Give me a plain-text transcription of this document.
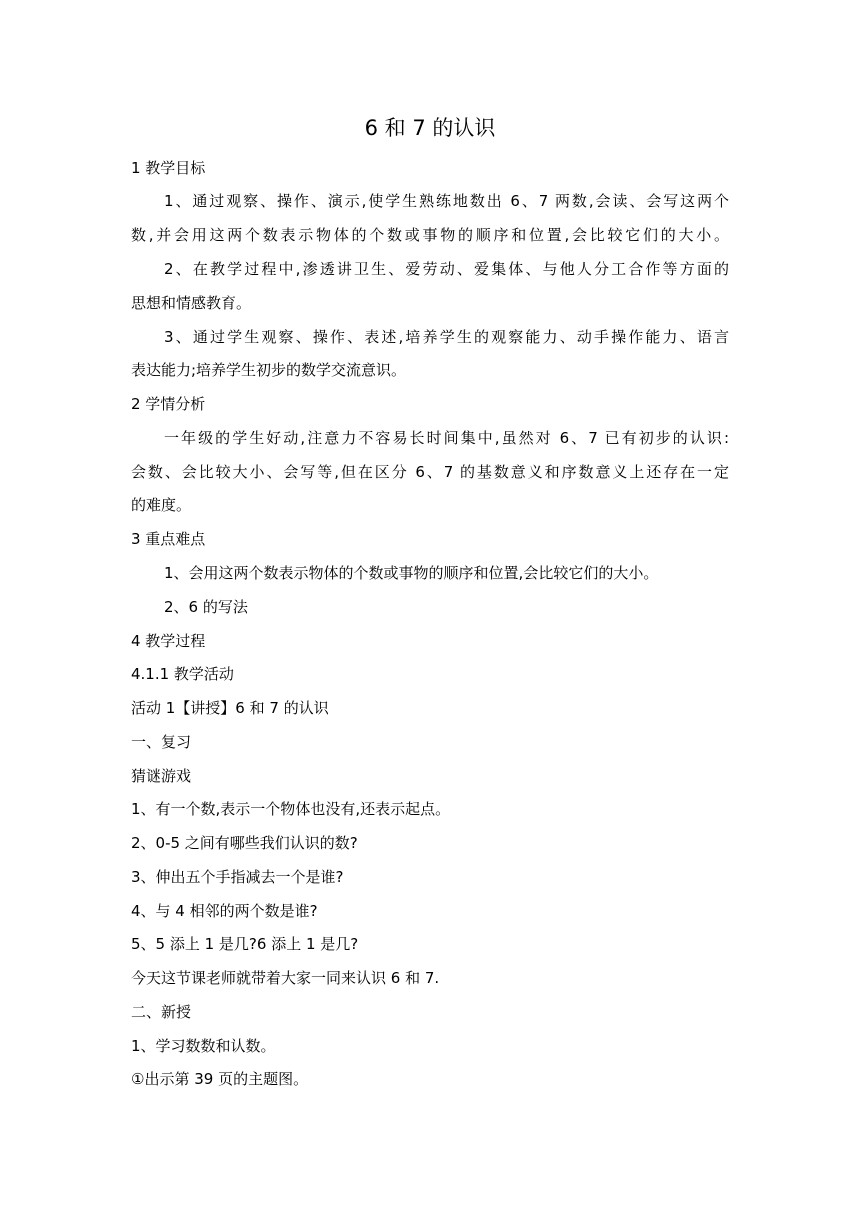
6 和 7 的认识
1 教学目标
1、通过观察、操作、演示,使学生熟练地数出 6、7 两数,会读、会写这两个
数,并会用这两个数表示物体的个数或事物的顺序和位置,会比较它们的大小。
2、在教学过程中,渗透讲卫生、爱劳动、爱集体、与他人分工合作等方面的
思想和情感教育。
3、通过学生观察、操作、表述,培养学生的观察能力、动手操作能力、语言
表达能力;培养学生初步的数学交流意识。
2 学情分析
一年级的学生好动,注意力不容易长时间集中,虽然对 6、7 已有初步的认识:
会数、会比较大小、会写等,但在区分 6、7 的基数意义和序数意义上还存在一定
的难度。
3 重点难点
1、会用这两个数表示物体的个数或事物的顺序和位置,会比较它们的大小。
2、6 的写法
4 教学过程
4.1.1 教学活动
活动 1【讲授】6 和 7 的认识
一、复习
猜谜游戏
1、有一个数,表示一个物体也没有,还表示起点。
2、0-5 之间有哪些我们认识的数?
3、伸出五个手指减去一个是谁?
4、与 4 相邻的两个数是谁?
5、5 添上 1 是几?6 添上 1 是几?
今天这节课老师就带着大家一同来认识 6 和 7.
二、新授
1、学习数数和认数。
①出示第 39 页的主题图。
